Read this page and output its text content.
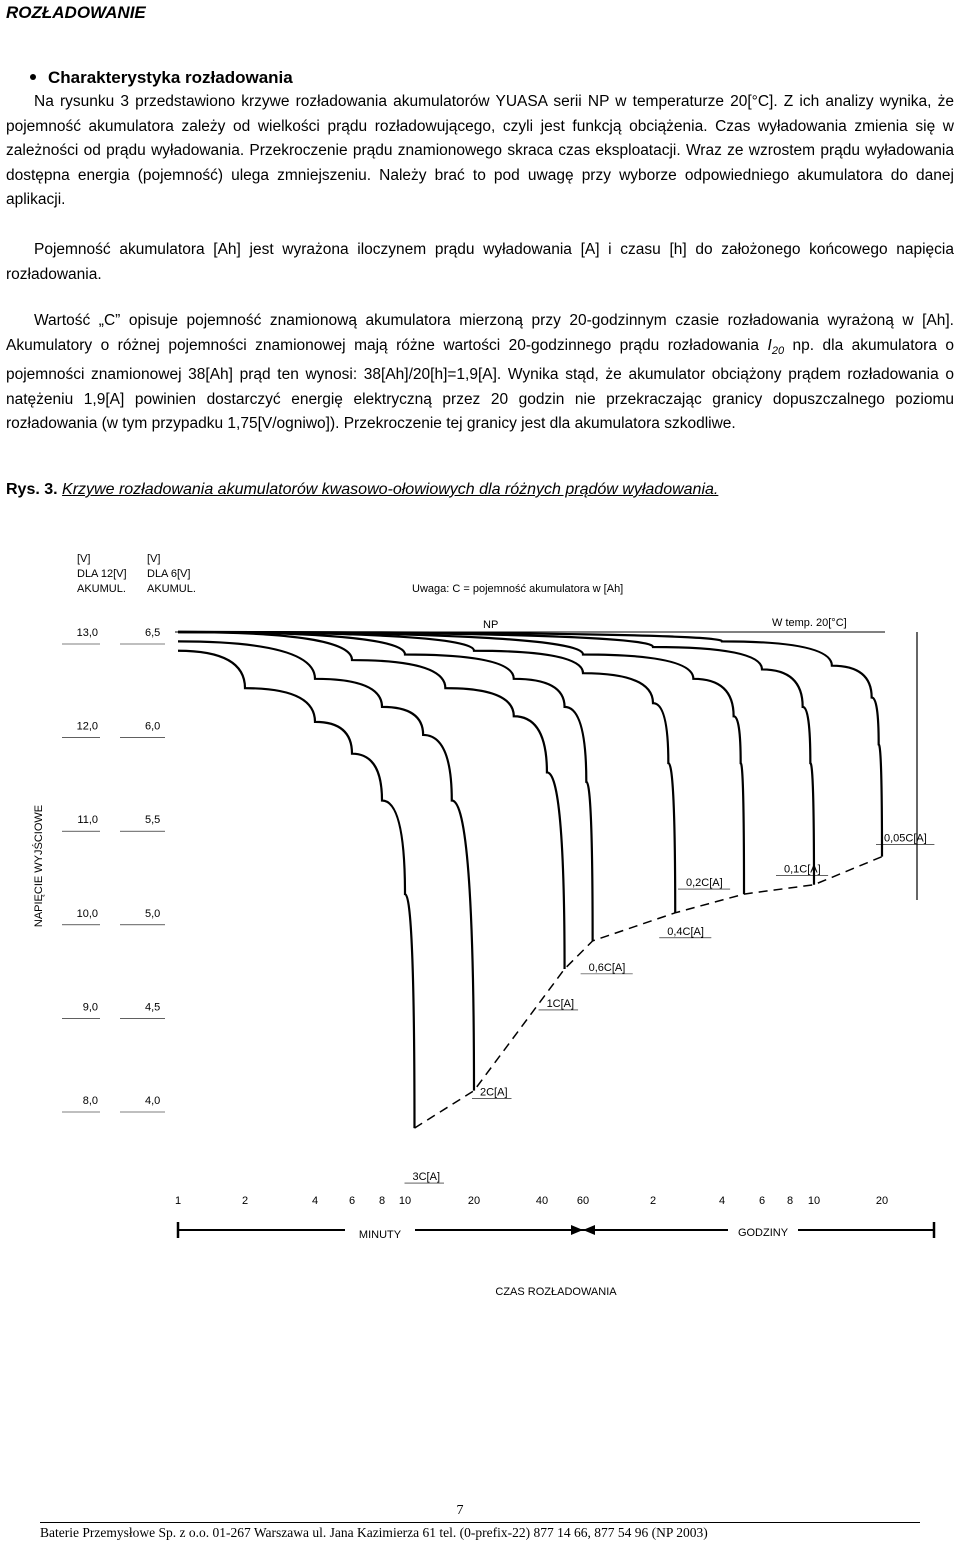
ROZŁADOWANIE
Charakterystyka rozładowania

Na rysunku 3 przedstawiono krzywe rozładowania akumulatorów YUASA serii NP w temperaturze 20[°C]. Z ich analizy wynika, że pojemność akumulatora zależy od wielkości prądu rozładowującego, czyli jest funkcją obciążenia. Czas wyładowania zmienia się w zależności od prądu wyładowania. Przekroczenie prądu znamionowego skraca czas eksploatacji. Wraz ze wzrostem prądu wyładowania dostępna energia (pojemność) ulega zmniejszeniu. Należy brać to pod uwagę przy wyborze odpowiedniego akumulatora do danej aplikacji.

Pojemność akumulatora [Ah] jest wyrażona iloczynem prądu wyładowania [A] i czasu [h] do założonego końcowego napięcia rozładowania.

Wartość „C” opisuje pojemność znamionową akumulatora mierzoną przy 20-godzinnym czasie rozładowania wyrażoną w [Ah]. Akumulatory o różnej pojemności znamionowej mają różne wartości 20-godzinnego prądu rozładowania $I_{20}$ np. dla akumulatora o pojemności znamionowej 38[Ah] prąd ten wynosi: 38[Ah]/20[h]=1,9[A]. Wynika stąd, że akumulator obciążony prądem rozładowania o natężeniu 1,9[A] powinien dostarczyć energię elektryczną przez 20 godzin nie przekraczając granicy dopuszczalnego poziomu rozładowania (w tym przypadku 1,75[V/ogniwo]). Przekroczenie tej granicy jest dla akumulatora szkodliwe.

Rys. 3. Krzywe rozładowania akumulatorów kwasowo-ołowiowych dla różnych prądów wyładowania.
[V]
DLA 12[V]
AKUMUL.
[V]
DLA 6[V]
AKUMUL.	Uwaga: C = pojemność akumulatora w [Ah]
NP	W temp. 20[°C]
NAPIĘCIE WYJŚCIOWE
13,0	6,5
12,0	6,0
11,0	5,5
10,0	5,0
9,0	4,5
8,0	4,0
1	2	4	6 8 10	20	40	60	2	4	6 8 10	20
3C[A]
2C[A]
1C[A]
0,6C[A]
0,4C[A]
0,2C[A]
0,1C[A]
0,05C[A]
MINUTY	GODZINY
CZAS ROZŁADOWANIA
7
Baterie Przemysłowe Sp. z o.o. 01-267 Warszawa ul. Jana Kazimierza 61 tel. (0-prefix-22) 877 14 66, 877 54 96 (NP 2003)
